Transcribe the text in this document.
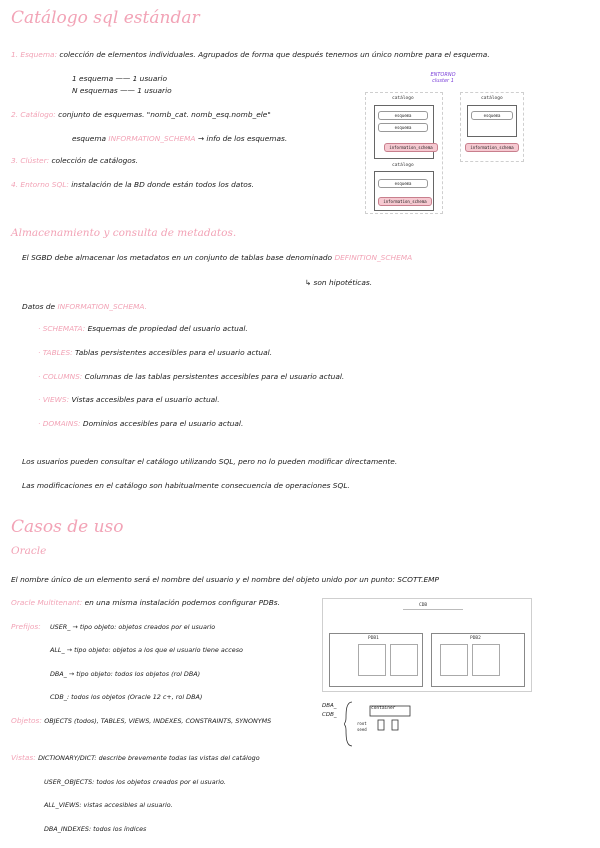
Catálogo sql estándar
1. Esquema: colección de elementos individuales. Agrupados de forma que después tenemos un único nombre para el esquema.
1 esquema —— 1 usuario
N esquemas —— 1 usuario
2. Catálogo: conjunto de esquemas. "nomb_cat. nomb_esq.nomb_ele"
esquema INFORMATION_SCHEMA → info de los esquemas.
3. Clúster: colección de catálogos.
4. Entorno SQL: instalación de la BD donde están todos los datos.
ENTORNO
cluster 1
catálogo
esquema
esquema
information_schema
catálogo
esquema
information_schema
catálogo
esquema
information_schema
Almacenamiento y consulta de metadatos.
El SGBD debe almacenar los metadatos en un conjunto de tablas base denominado DEFINITION_SCHEMA
↳ son hipotéticas.
Datos de INFORMATION_SCHEMA.
· SCHEMATA: Esquemas de propiedad del usuario actual.
· TABLES: Tablas persistentes accesibles para el usuario actual.
· COLUMNS: Columnas de las tablas persistentes accesibles para el usuario actual.
· VIEWS: Vistas accesibles para el usuario actual.
· DOMAINS: Dominios accesibles para el usuario actual.
Los usuarios pueden consultar el catálogo utilizando SQL, pero no lo pueden modificar directamente.
Las modificaciones en el catálogo son habitualmente consecuencia de operaciones SQL.
Casos de uso
Oracle
El nombre único de un elemento será el nombre del usuario y el nombre del objeto unido por un punto: SCOTT.EMP
Oracle Multitenant: en una misma instalación podemos configurar PDBs.
Prefijos: USER_ → tipo objeto: objetos creados por el usuario
ALL_ → tipo objeto: objetos a los que el usuario tiene acceso
DBA_ → tipo objeto: todos los objetos (rol DBA)
CDB_: todos los objetos (Oracle 12 c+, rol DBA)
Objetos: OBJECTS (todos), TABLES, VIEWS, INDEXES, CONSTRAINTS, SYNONYMS
Vistas: DICTIONARY/DICT: describe brevemente todas las vistas del catálogo
USER_OBJECTS: todos los objetos creados por el usuario.
ALL_VIEWS: vistas accesibles al usuario.
DBA_INDEXES: todos los índices
CDB
PDB1	PDB2
DBA_
CDB_
container
root
seed
